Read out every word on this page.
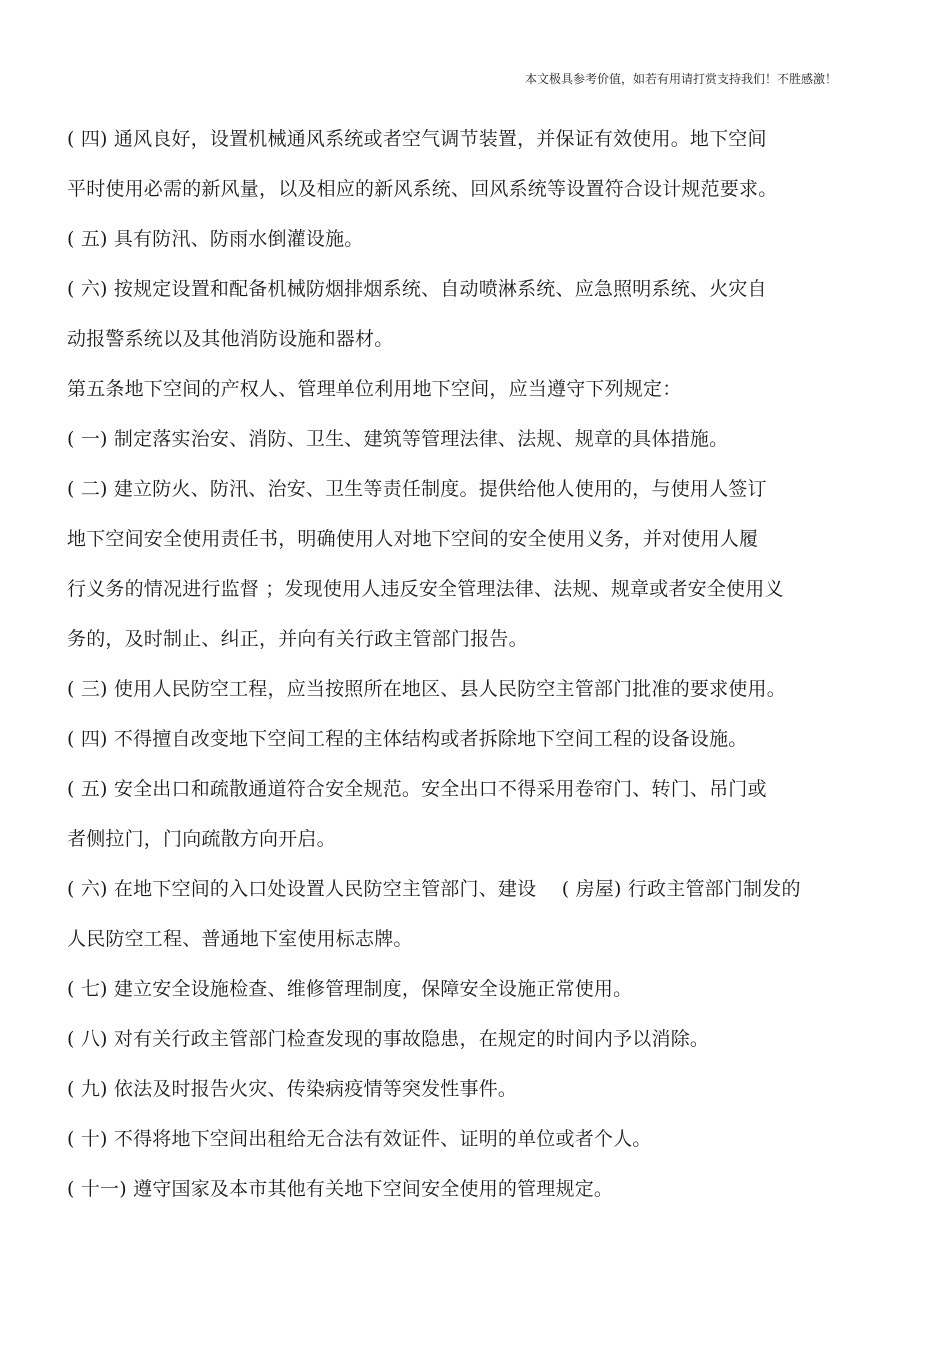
本文极具参考价值，如若有用请打赏支持我们！不胜感激！
( 四) 通风良好，设置机械通风系统或者空气调节装置，并保证有效使用。地下空间
平时使用必需的新风量，以及相应的新风系统、回风系统等设置符合设计规范要求。
( 五) 具有防汛、防雨水倒灌设施。
( 六) 按规定设置和配备机械防烟排烟系统、自动喷淋系统、应急照明系统、火灾自
动报警系统以及其他消防设施和器材。
第五条地下空间的产权人、管理单位利用地下空间，应当遵守下列规定：
( 一) 制定落实治安、消防、卫生、建筑等管理法律、法规、规章的具体措施。
( 二) 建立防火、防汛、治安、卫生等责任制度。提供给他人使用的，与使用人签订
地下空间安全使用责任书，明确使用人对地下空间的安全使用义务，并对使用人履
行义务的情况进行监督 ；发现使用人违反安全管理法律、法规、规章或者安全使用义
务的，及时制止、纠正，并向有关行政主管部门报告。
( 三) 使用人民防空工程，应当按照所在地区、县人民防空主管部门批准的要求使用。
( 四) 不得擅自改变地下空间工程的主体结构或者拆除地下空间工程的设备设施。
( 五) 安全出口和疏散通道符合安全规范。安全出口不得采用卷帘门、转门、吊门或
者侧拉门，门向疏散方向开启。
( 六) 在地下空间的入口处设置人民防空主管部门、建设　 ( 房屋) 行政主管部门制发的
人民防空工程、普通地下室使用标志牌。
( 七) 建立安全设施检查、维修管理制度，保障安全设施正常使用。
( 八) 对有关行政主管部门检查发现的事故隐患，在规定的时间内予以消除。
( 九) 依法及时报告火灾、传染病疫情等突发性事件。
( 十) 不得将地下空间出租给无合法有效证件、证明的单位或者个人。
( 十一) 遵守国家及本市其他有关地下空间安全使用的管理规定。
